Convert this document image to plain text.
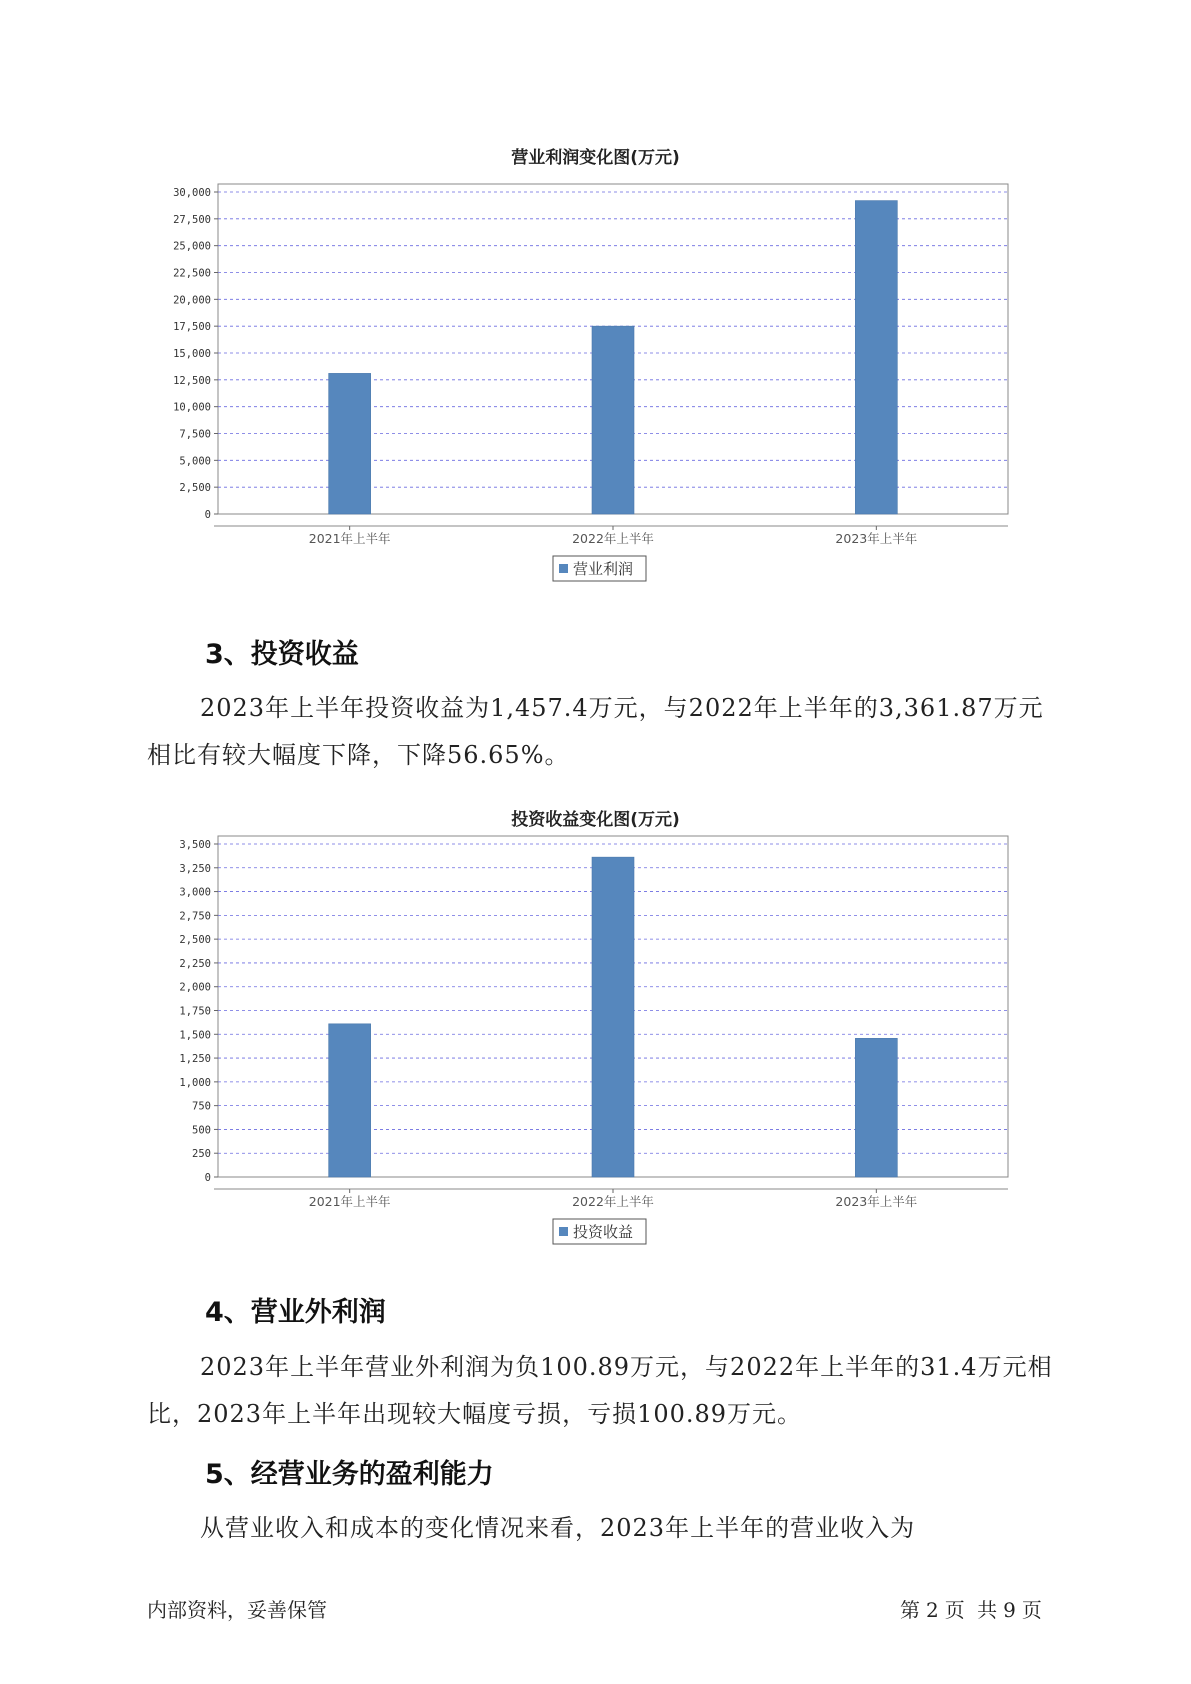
营业利润变化图(万元)
0
2,500
5,000
7,500
10,000
12,500
15,000
17,500
20,000
22,500
25,000
27,500
30,000
2021年上半年	2022年上半年	2023年上半年
营业利润
3、投资收益

2023年上半年投资收益为1,457.4万元，与2022年上半年的3,361.87万元相比有较大幅度下降，下降56.65%。

投资收益变化图(万元)
0
250
500
750
1,000
1,250
1,500
1,750
2,000
2,250
2,500
2,750
3,000
3,250
3,500
2021年上半年	2022年上半年	2023年上半年
投资收益
4、营业外利润

2023年上半年营业外利润为负100.89万元，与2022年上半年的31.4万元相比，2023年上半年出现较大幅度亏损，亏损100.89万元。

5、经营业务的盈利能力

从营业收入和成本的变化情况来看，2023年上半年的营业收入为

内部资料，妥善保管	第 2 页 共 9 页
